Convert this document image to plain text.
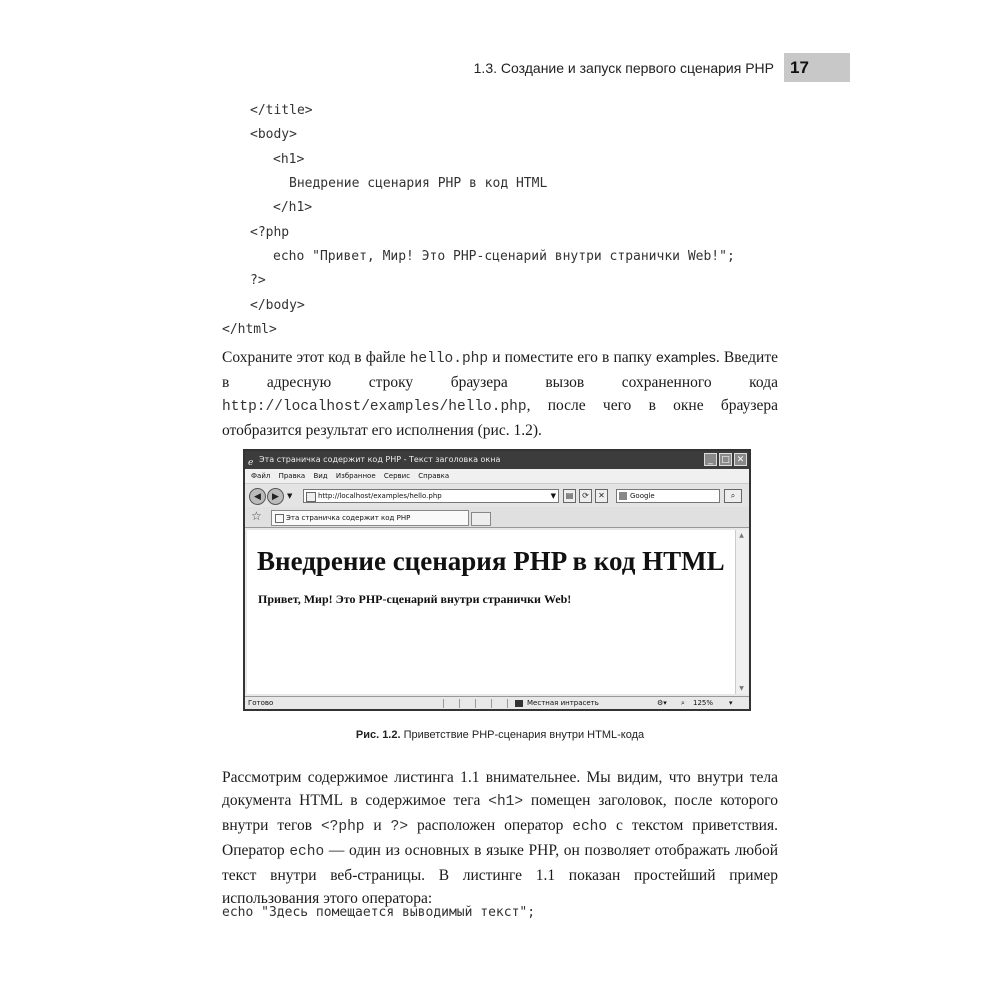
1.3. Создание и запуск первого сценария PHP 17
</title>
<body>
<h1>
Внедрение сценария PHP в код HTML
</h1>
<?php
echo "Привет, Мир! Это PHP-сценарий внутри странички Web!";
?>
</body>
</html>
Сохраните этот код в файле hello.php и поместите его в папку examples. Введите в адресную строку браузера вызов сохраненного кода http://localhost/examples/hello.php, после чего в окне браузера отобразится результат его исполнения (рис. 1.2).
ℯ Эта страничка содержит код PHP - Текст заголовка окна	_ □ ✕
Файл Правка Вид Избранное Сервис Справка
◀	▶	▼	http://localhost/examples/hello.php	▼	▤	⟳	✕	Google	⌕
☆	Эта страничка содержит код PHP
Внедрение сценария PHP в код HTML
Привет, Мир! Это PHP-сценарий внутри странички Web!
▲
▼
Готово	Местная интрасеть	⚙▾ ⌕ 125% ▾
Рис. 1.2. Приветствие PHP-сценария внутри HTML-кода
Рассмотрим содержимое листинга 1.1 внимательнее. Мы видим, что внутри тела документа HTML в содержимое тега <h1> помещен заголовок, после которого внутри тегов <?php и ?> расположен оператор echo с текстом приветствия. Оператор echo — один из основных в языке PHP, он позволяет отображать любой текст внутри веб-страницы. В листинге 1.1 показан простейший пример использования этого оператора:
echo "Здесь помещается выводимый текст";
